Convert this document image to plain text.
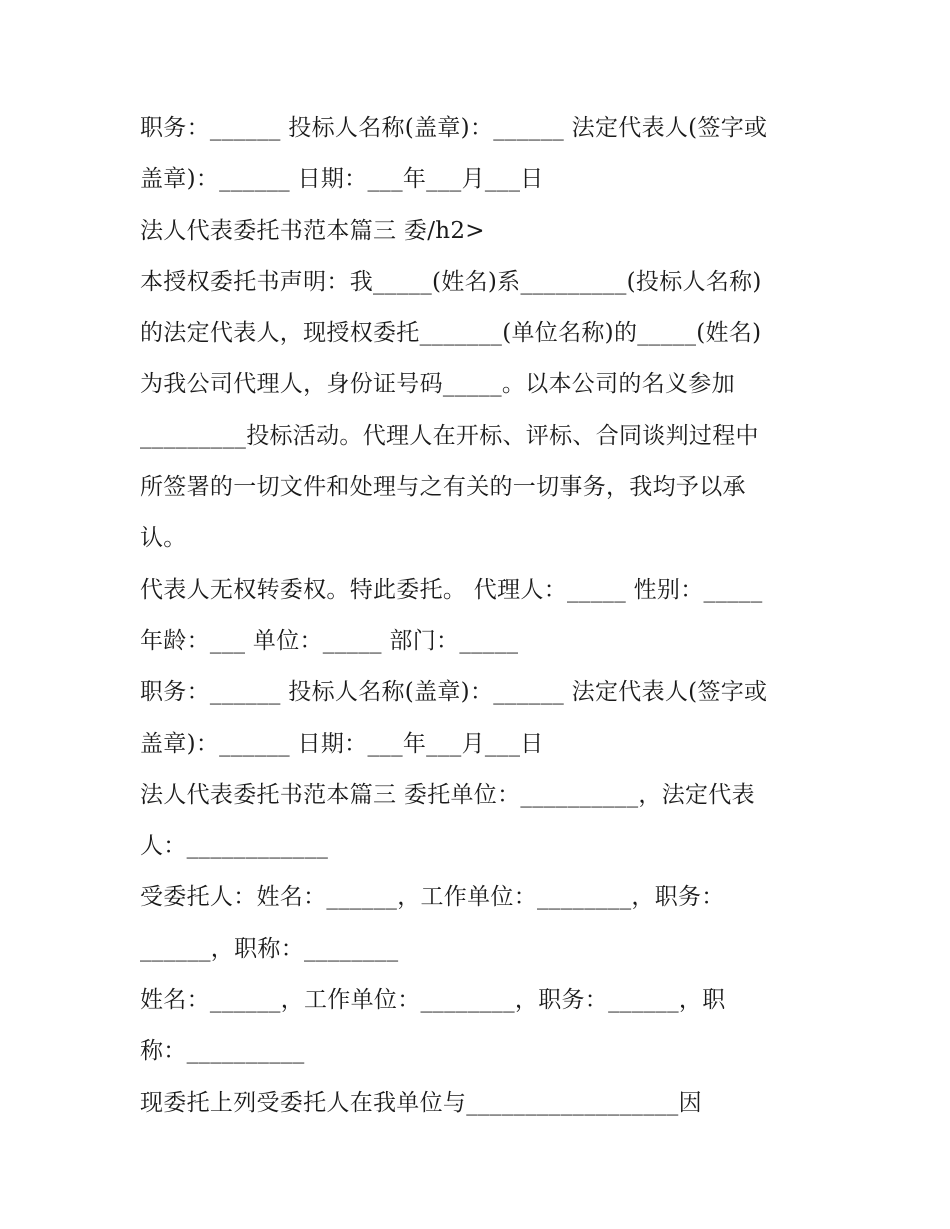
职务：______ 投标人名称(盖章)：______ 法定代表人(签字或
盖章)：______ 日期：___年___月___日
法人代表委托书范本篇三 委/h2>
本授权委托书声明：我_____(姓名)系_________(投标人名称)
的法定代表人，现授权委托_______(单位名称)的_____(姓名)
为我公司代理人，身份证号码_____。以本公司的名义参加
_________投标活动。代理人在开标、评标、合同谈判过程中
所签署的一切文件和处理与之有关的一切事务，我均予以承
认。
代表人无权转委权。特此委托。 代理人：_____ 性别：_____
年龄：___ 单位：_____ 部门：_____
职务：______ 投标人名称(盖章)：______ 法定代表人(签字或
盖章)：______ 日期：___年___月___日
法人代表委托书范本篇三 委托单位：__________，法定代表
人：____________
受委托人：姓名：______，工作单位：________，职务：
______，职称：________
姓名：______，工作单位：________，职务：______，职
称：__________
现委托上列受委托人在我单位与__________________因
